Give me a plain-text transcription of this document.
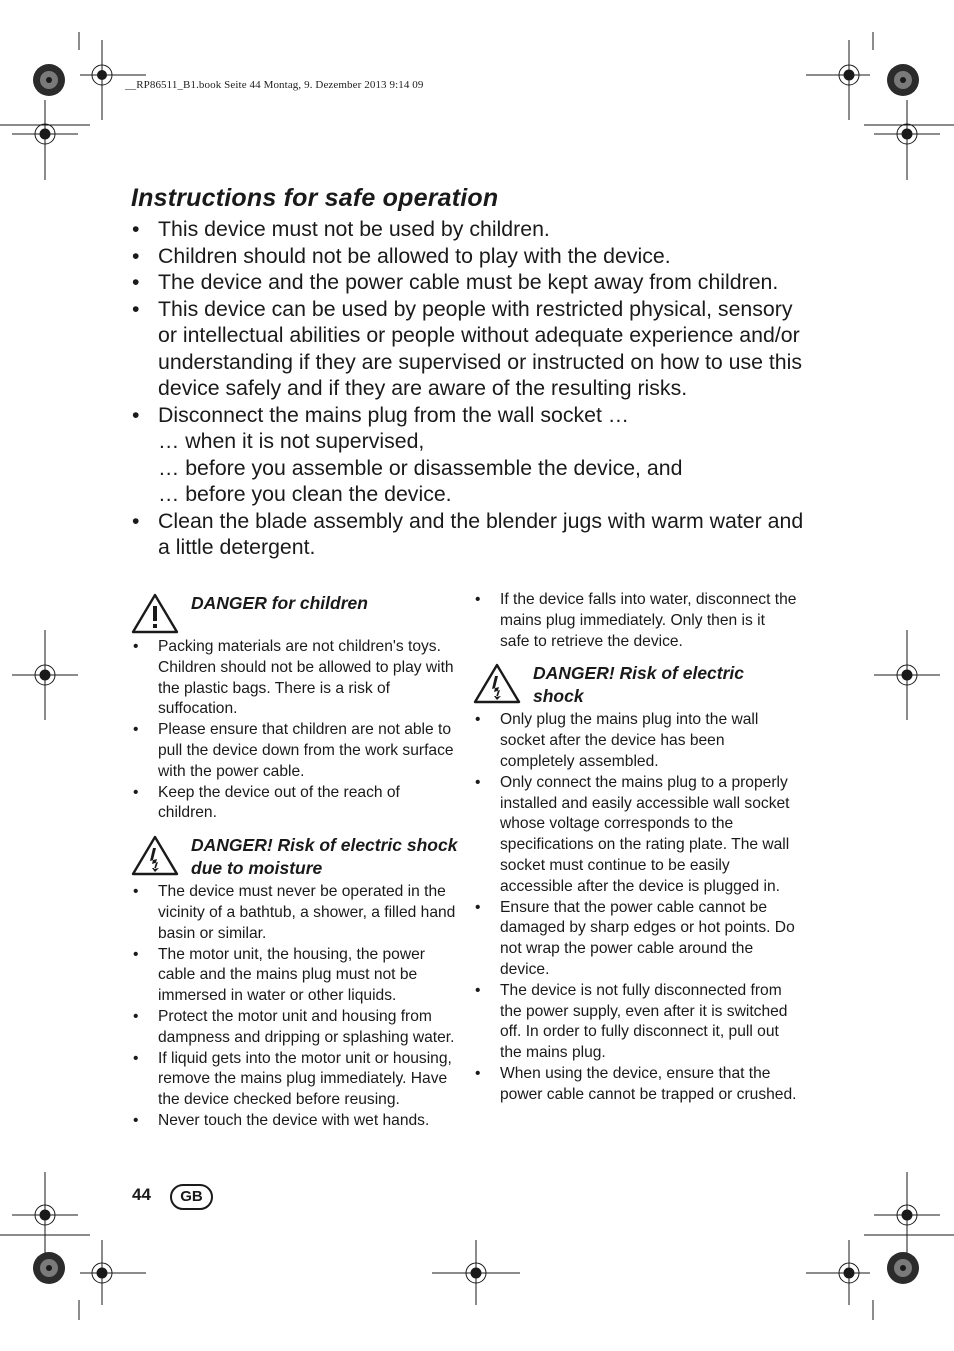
__RP86511_B1.book Seite 44 Montag, 9. Dezember 2013 9:14 09
Instructions for safe operation
• This device must not be used by children.
• Children should not be allowed to play with the device.
• The device and the power cable must be kept away from children.
• This device can be used by people with restricted physical, sensory or intellectual abilities or people without adequate experience and/or understanding if they are supervised or instructed on how to use this device safely and if they are aware of the resulting risks.
• Disconnect the mains plug from the wall socket …
… when it is not supervised,
… before you assemble or disassemble the device, and
… before you clean the device.
• Clean the blade assembly and the blender jugs with warm water and a little detergent.
DANGER for children
• Packing materials are not children's toys. Children should not be allowed to play with the plastic bags. There is a risk of suffocation.
• Please ensure that children are not able to pull the device down from the work surface with the power cable.
• Keep the device out of the reach of children.
DANGER! Risk of electric shock due to moisture
• The device must never be operated in the vicinity of a bathtub, a shower, a filled hand basin or similar.
• The motor unit, the housing, the power cable and the mains plug must not be immersed in water or other liquids.
• Protect the motor unit and housing from dampness and dripping or splashing water.
• If liquid gets into the motor unit or housing, remove the mains plug immediately. Have the device checked before reusing.
• Never touch the device with wet hands.
• If the device falls into water, disconnect the mains plug immediately. Only then is it safe to retrieve the device.
DANGER! Risk of electric shock
• Only plug the mains plug into the wall socket after the device has been completely assembled.
• Only connect the mains plug to a properly installed and easily accessible wall socket whose voltage corresponds to the specifications on the rating plate. The wall socket must continue to be easily accessible after the device is plugged in.
• Ensure that the power cable cannot be damaged by sharp edges or hot points. Do not wrap the power cable around the device.
• The device is not fully disconnected from the power supply, even after it is switched off. In order to fully disconnect it, pull out the mains plug.
• When using the device, ensure that the power cable cannot be trapped or crushed.
44	GB
